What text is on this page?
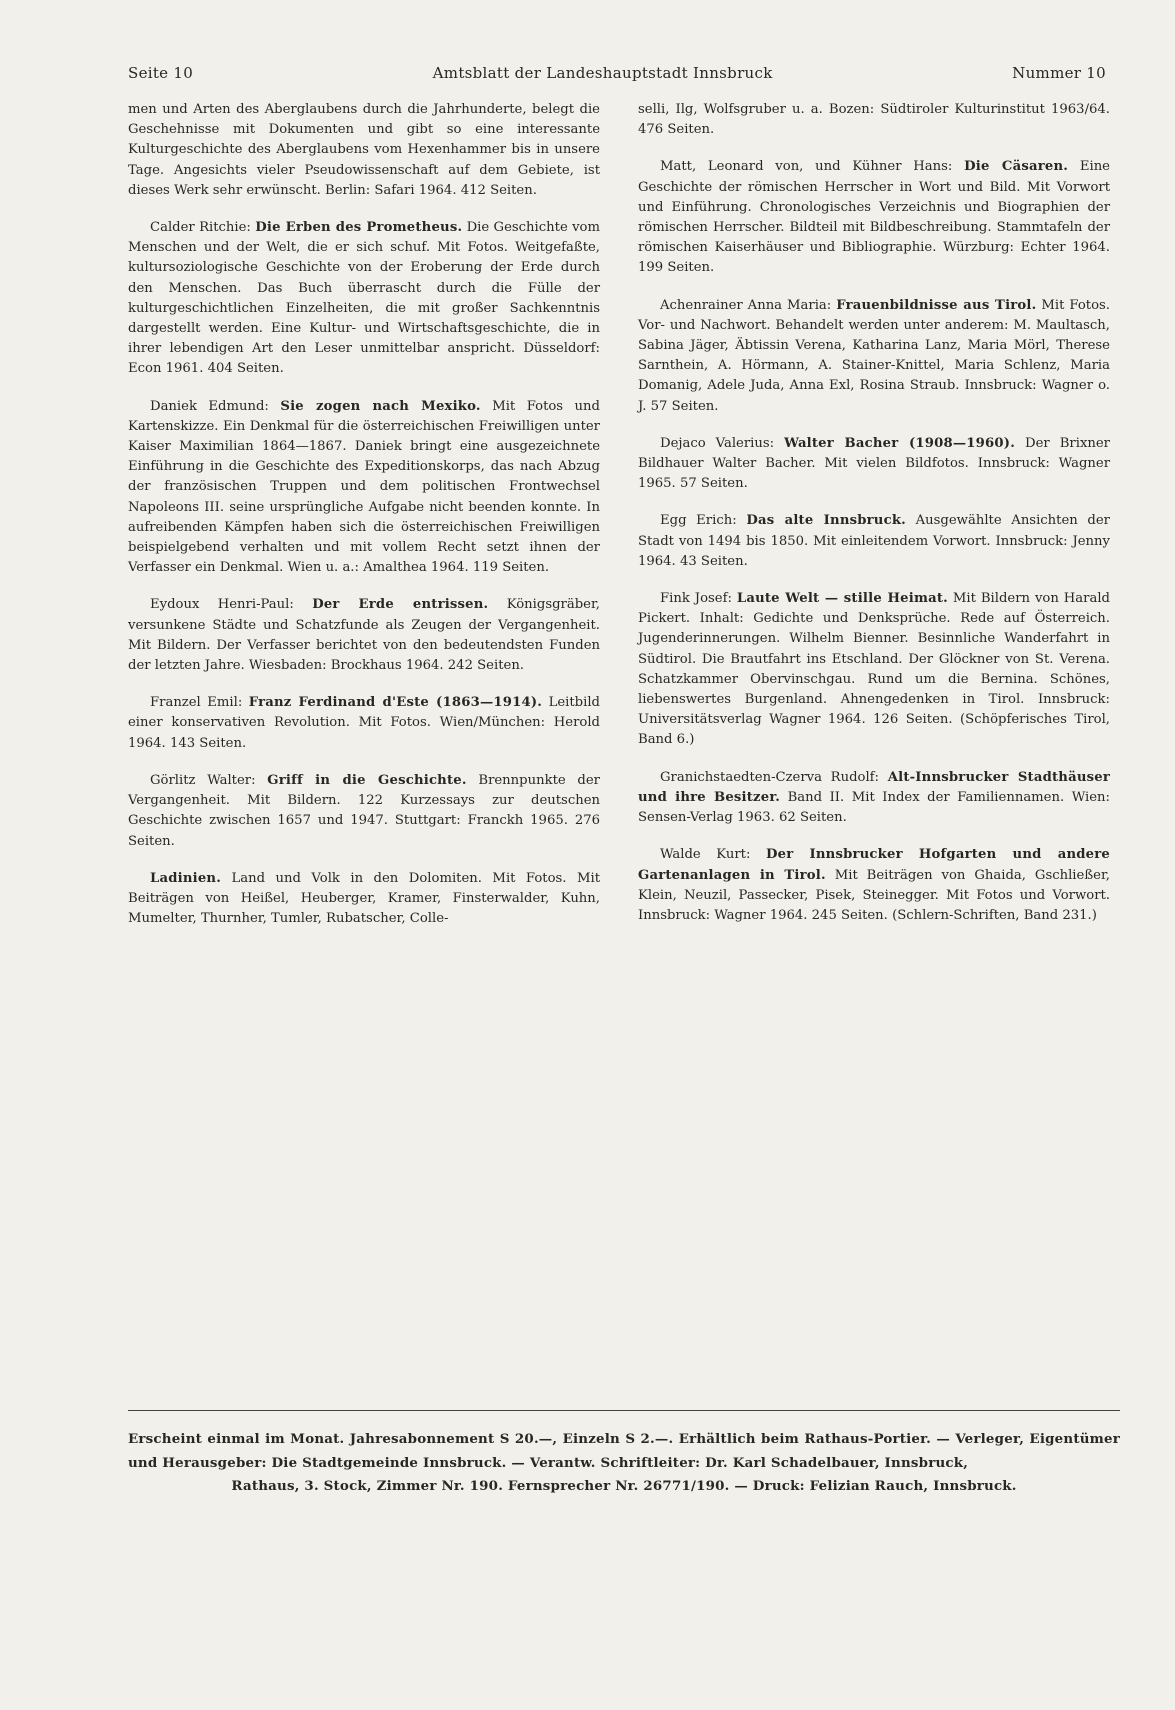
Seite 10	Amtsblatt der Landeshauptstadt Innsbruck	Nummer 10

men und Arten des Aberglaubens durch die Jahrhunderte, belegt die Geschehnisse mit Dokumenten und gibt so eine interessante Kulturgeschichte des Aberglaubens vom Hexenhammer bis in unsere Tage. Angesichts vieler Pseudowissenschaft auf dem Gebiete, ist dieses Werk sehr erwünscht. Berlin: Safari 1964. 412 Seiten.

Calder Ritchie: Die Erben des Prometheus. Die Geschichte vom Menschen und der Welt, die er sich schuf. Mit Fotos. Weitgefaßte, kultursoziologische Geschichte von der Eroberung der Erde durch den Menschen. Das Buch überrascht durch die Fülle der kulturgeschichtlichen Einzelheiten, die mit großer Sachkenntnis dargestellt werden. Eine Kultur- und Wirtschaftsgeschichte, die in ihrer lebendigen Art den Leser unmittelbar anspricht. Düsseldorf: Econ 1961. 404 Seiten.

Daniek Edmund: Sie zogen nach Mexiko. Mit Fotos und Kartenskizze. Ein Denkmal für die österreichischen Freiwilligen unter Kaiser Maximilian 1864—1867. Daniek bringt eine ausgezeichnete Einführung in die Geschichte des Expeditionskorps, das nach Abzug der französischen Truppen und dem politischen Frontwechsel Napoleons III. seine ursprüngliche Aufgabe nicht beenden konnte. In aufreibenden Kämpfen haben sich die österreichischen Freiwilligen beispielgebend verhalten und mit vollem Recht setzt ihnen der Verfasser ein Denkmal. Wien u. a.: Amalthea 1964. 119 Seiten.

Eydoux Henri-Paul: Der Erde entrissen. Königsgräber, versunkene Städte und Schatzfunde als Zeugen der Vergangenheit. Mit Bildern. Der Verfasser berichtet von den bedeutendsten Funden der letzten Jahre. Wiesbaden: Brockhaus 1964. 242 Seiten.

Franzel Emil: Franz Ferdinand d'Este (1863—1914). Leitbild einer konservativen Revolution. Mit Fotos. Wien/München: Herold 1964. 143 Seiten.

Görlitz Walter: Griff in die Geschichte. Brennpunkte der Vergangenheit. Mit Bildern. 122 Kurzessays zur deutschen Geschichte zwischen 1657 und 1947. Stuttgart: Franckh 1965. 276 Seiten.

Ladinien. Land und Volk in den Dolomiten. Mit Fotos. Mit Beiträgen von Heißel, Heuberger, Kramer, Finsterwalder, Kuhn, Mumelter, Thurnher, Tumler, Rubatscher, Colle-

selli, Ilg, Wolfsgruber u. a. Bozen: Südtiroler Kulturinstitut 1963/64. 476 Seiten.

Matt, Leonard von, und Kühner Hans: Die Cäsaren. Eine Geschichte der römischen Herrscher in Wort und Bild. Mit Vorwort und Einführung. Chronologisches Verzeichnis und Biographien der römischen Herrscher. Bildteil mit Bildbeschreibung. Stammtafeln der römischen Kaiserhäuser und Bibliographie. Würzburg: Echter 1964. 199 Seiten.

Achenrainer Anna Maria: Frauenbildnisse aus Tirol. Mit Fotos. Vor- und Nachwort. Behandelt werden unter anderem: M. Maultasch, Sabina Jäger, Äbtissin Verena, Katharina Lanz, Maria Mörl, Therese Sarnthein, A. Hörmann, A. Stainer-Knittel, Maria Schlenz, Maria Domanig, Adele Juda, Anna Exl, Rosina Straub. Innsbruck: Wagner o. J. 57 Seiten.

Dejaco Valerius: Walter Bacher (1908—1960). Der Brixner Bildhauer Walter Bacher. Mit vielen Bildfotos. Innsbruck: Wagner 1965. 57 Seiten.

Egg Erich: Das alte Innsbruck. Ausgewählte Ansichten der Stadt von 1494 bis 1850. Mit einleitendem Vorwort. Innsbruck: Jenny 1964. 43 Seiten.

Fink Josef: Laute Welt — stille Heimat. Mit Bildern von Harald Pickert. Inhalt: Gedichte und Denksprüche. Rede auf Österreich. Jugenderinnerungen. Wilhelm Bienner. Besinnliche Wanderfahrt in Südtirol. Die Brautfahrt ins Etschland. Der Glöckner von St. Verena. Schatzkammer Obervinschgau. Rund um die Bernina. Schönes, liebenswertes Burgenland. Ahnengedenken in Tirol. Innsbruck: Universitätsverlag Wagner 1964. 126 Seiten. (Schöpferisches Tirol, Band 6.)

Granichstaedten-Czerva Rudolf: Alt-Innsbrucker Stadthäuser und ihre Besitzer. Band II. Mit Index der Familiennamen. Wien: Sensen-Verlag 1963. 62 Seiten.

Walde Kurt: Der Innsbrucker Hofgarten und andere Gartenanlagen in Tirol. Mit Beiträgen von Ghaida, Gschließer, Klein, Neuzil, Passecker, Pisek, Steinegger. Mit Fotos und Vorwort. Innsbruck: Wagner 1964. 245 Seiten. (Schlern-Schriften, Band 231.)

Erscheint einmal im Monat. Jahresabonnement S 20.—, Einzeln S 2.—. Erhältlich beim Rathaus-Portier. — Verleger, Eigentümer und Herausgeber: Die Stadtgemeinde Innsbruck. — Verantw. Schriftleiter: Dr. Karl Schadelbauer, Innsbruck,
Rathaus, 3. Stock, Zimmer Nr. 190. Fernsprecher Nr. 26771/190. — Druck: Felizian Rauch, Innsbruck.
